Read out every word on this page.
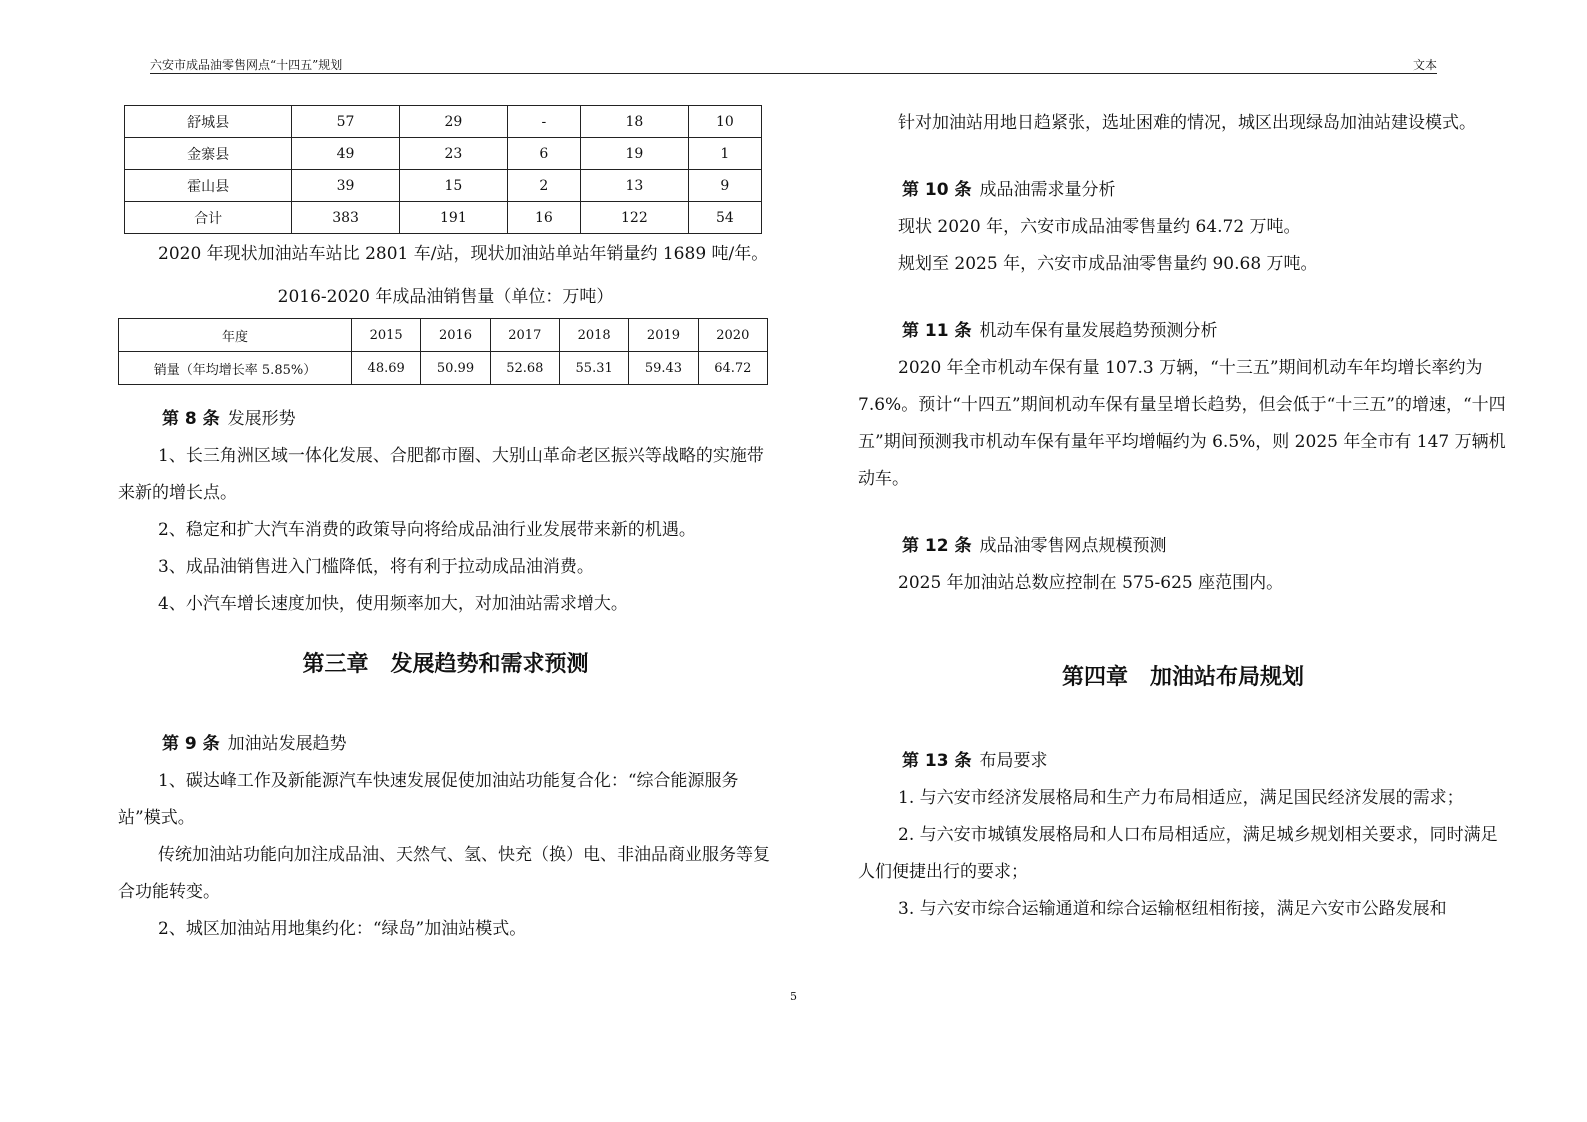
六安市成品油零售网点“十四五”规划	文本
舒城县	57	29	-	18	10
金寨县	49	23	6	19	1
霍山县	39	15	2	13	9
合计	383	191	16	122	54

2020 年现状加油站车站比 2801 车/站，现状加油站单站年销量约 1689 吨/年。

2016-2020 年成品油销售量（单位：万吨）
年度	2015	2016	2017	2018	2019	2020
销量（年均增长率 5.85%）	48.69	50.99	52.68	55.31	59.43	64.72
第 8 条 发展形势

1、长三角洲区域一体化发展、合肥都市圈、大别山革命老区振兴等战略的实施带来新的增长点。

2、稳定和扩大汽车消费的政策导向将给成品油行业发展带来新的机遇。

3、成品油销售进入门槛降低，将有利于拉动成品油消费。

4、小汽车增长速度加快，使用频率加大，对加油站需求增大。

第三章　发展趋势和需求预测
第 9 条 加油站发展趋势

1、碳达峰工作及新能源汽车快速发展促使加油站功能复合化：“综合能源服务站”模式。

传统加油站功能向加注成品油、天然气、氢、快充（换）电、非油品商业服务等复合功能转变。

2、城区加油站用地集约化：“绿岛”加油站模式。

针对加油站用地日趋紧张，选址困难的情况，城区出现绿岛加油站建设模式。

第 10 条 成品油需求量分析

现状 2020 年，六安市成品油零售量约 64.72 万吨。

规划至 2025 年，六安市成品油零售量约 90.68 万吨。

第 11 条 机动车保有量发展趋势预测分析

2020 年全市机动车保有量 107.3 万辆，“十三五”期间机动车年均增长率约为 7.6%。预计“十四五”期间机动车保有量呈增长趋势，但会低于“十三五”的增速，“十四五”期间预测我市机动车保有量年平均增幅约为 6.5%，则 2025 年全市有 147 万辆机动车。

第 12 条 成品油零售网点规模预测

2025 年加油站总数应控制在 575-625 座范围内。

第四章　加油站布局规划
第 13 条 布局要求

1. 与六安市经济发展格局和生产力布局相适应，满足国民经济发展的需求；

2. 与六安市城镇发展格局和人口布局相适应，满足城乡规划相关要求，同时满足人们便捷出行的要求；

3. 与六安市综合运输通道和综合运输枢纽相衔接，满足六安市公路发展和

5
